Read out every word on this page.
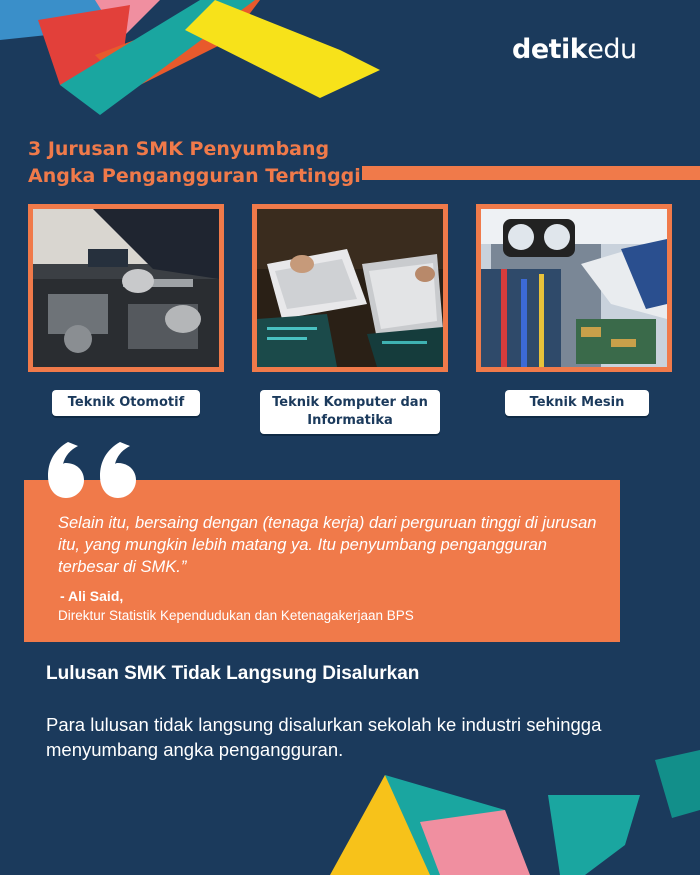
detikedu
3 Jurusan SMK Penyumbang
Angka Pengangguran Tertinggi
Teknik Otomotif	Teknik Komputer dan Informatika
Teknik Mesin
Selain itu, bersaing dengan (tenaga kerja) dari perguruan tinggi di jurusan itu, yang mungkin lebih matang ya. Itu penyumbang pengangguran terbesar di SMK.”
- Ali Said,
Direktur Statistik Kependudukan dan Ketenagakerjaan BPS
Lulusan SMK Tidak Langsung Disalurkan
Para lulusan tidak langsung disalurkan sekolah ke industri sehingga menyumbang angka pengangguran.
